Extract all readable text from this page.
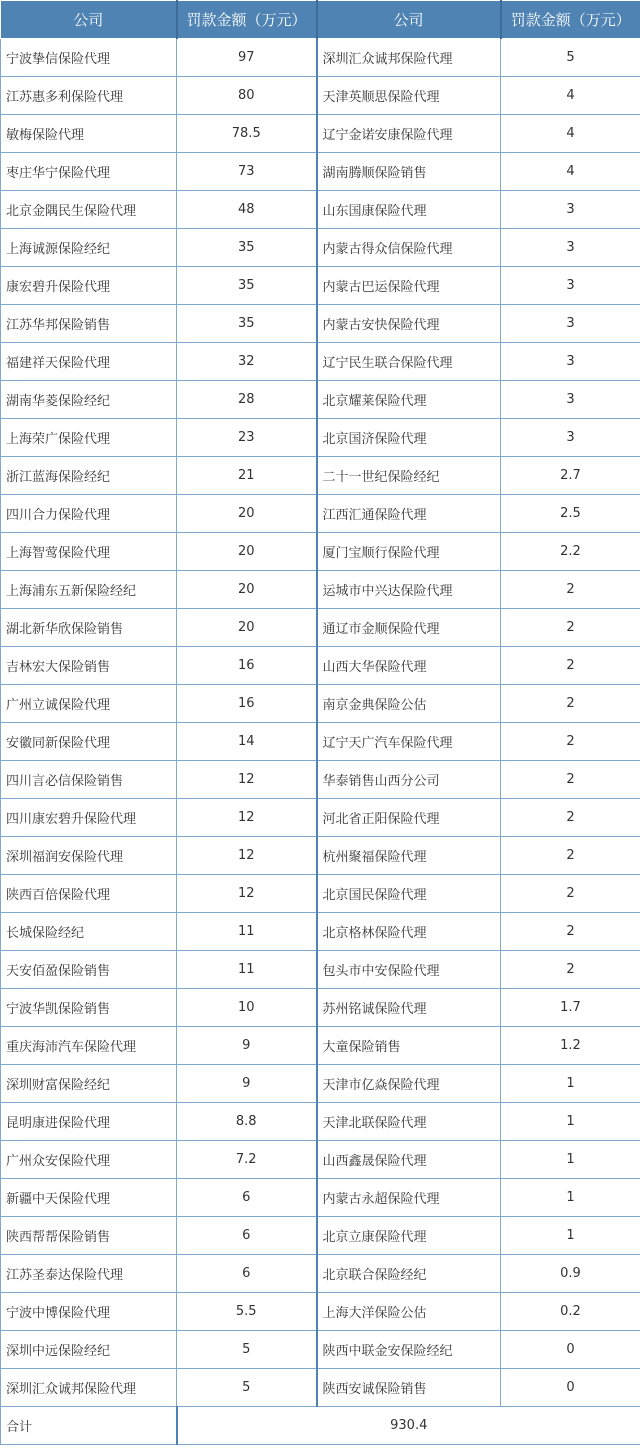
公司	罚款金额（万元）	公司	罚款金额（万元）
宁波挚信保险代理	97	深圳汇众诚邦保险代理	5
江苏惠多利保险代理	80	天津英顺思保险代理	4
敏梅保险代理	78.5	辽宁金诺安康保险代理	4
枣庄华宁保险代理	73	湖南腾顺保险销售	4
北京金隅民生保险代理	48	山东国康保险代理	3
上海诚源保险经纪	35	内蒙古得众信保险代理	3
康宏碧升保险代理	35	内蒙古巴运保险代理	3
江苏华邦保险销售	35	内蒙古安快保险代理	3
福建祥天保险代理	32	辽宁民生联合保险代理	3
湖南华菱保险经纪	28	北京耀莱保险代理	3
上海荣广保险代理	23	北京国济保险代理	3
浙江蓝海保险经纪	21	二十一世纪保险经纪	2.7
四川合力保险代理	20	江西汇通保险代理	2.5
上海智莺保险代理	20	厦门宝顺行保险代理	2.2
上海浦东五新保险经纪	20	运城市中兴达保险代理	2
湖北新华欣保险销售	20	通辽市金顺保险代理	2
吉林宏大保险销售	16	山西大华保险代理	2
广州立诚保险代理	16	南京金典保险公估	2
安徽同新保险代理	14	辽宁天广汽车保险代理	2
四川言必信保险销售	12	华泰销售山西分公司	2
四川康宏碧升保险代理	12	河北省正阳保险代理	2
深圳福润安保险代理	12	杭州聚福保险代理	2
陕西百倍保险代理	12	北京国民保险代理	2
长城保险经纪	11	北京格林保险代理	2
天安佰盈保险销售	11	包头市中安保险代理	2
宁波华凯保险销售	10	苏州铭诚保险代理	1.7
重庆海沛汽车保险代理	9	大童保险销售	1.2
深圳财富保险经纪	9	天津市亿焱保险代理	1
昆明康进保险代理	8.8	天津北联保险代理	1
广州众安保险代理	7.2	山西鑫晟保险代理	1
新疆中天保险代理	6	内蒙古永超保险代理	1
陕西帮帮保险销售	6	北京立康保险代理	1
江苏圣泰达保险代理	6	北京联合保险经纪	0.9
宁波中博保险代理	5.5	上海大洋保险公估	0.2
深圳中远保险经纪	5	陕西中联金安保险经纪	0
深圳汇众诚邦保险代理	5	陕西安诚保险销售	0
合计	930.4		
